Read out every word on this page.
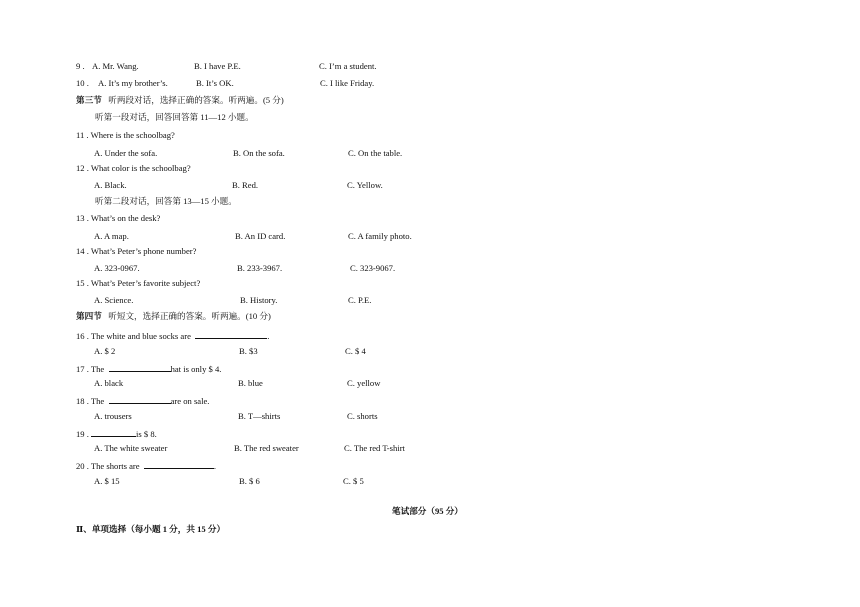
9 . A. Mr. Wang.	B. I have P.E.	C. I’m a student.
10 . A. It’s my brother’s.	B. It’s OK.	C. I like Friday.
第三节 听两段对话，选择正确的答案。听两遍。(5 分)
听第一段对话，回答回答第 11—12 小题。
11 . Where is the schoolbag?
A. Under the sofa.	B. On the sofa.	C. On the table.
12 . What color is the schoolbag?
A. Black.	B. Red.	C. Yellow.
听第二段对话，回答第 13—15 小题。
13 . What’s on the desk?
A. A map.	B. An ID card.	C. A family photo.
14 . What’s Peter’s phone number?
A. 323-0967.	B. 233-3967.	C. 323-9067.
15 . What’s Peter’s favorite subject?
A. Science.	B. History.	C. P.E.
第四节 听短文，选择正确的答案。听两遍。(10 分)
16 . The white and blue socks are	.
A. $ 2	B. $3	C. $ 4
17 . The	hat is only $ 4.
A. black	B. blue	C. yellow
18 . The	are on sale.
A. trousers	B. T—shirts	C. shorts
19 .	is $ 8.
A. The white sweater	B. The red sweater	C. The red T-shirt
20 . The shorts are	.
A. $ 15	B. $ 6	C. $ 5
笔试部分（95 分）
Ⅱ、单项选择（每小题 1 分，共 15 分）
